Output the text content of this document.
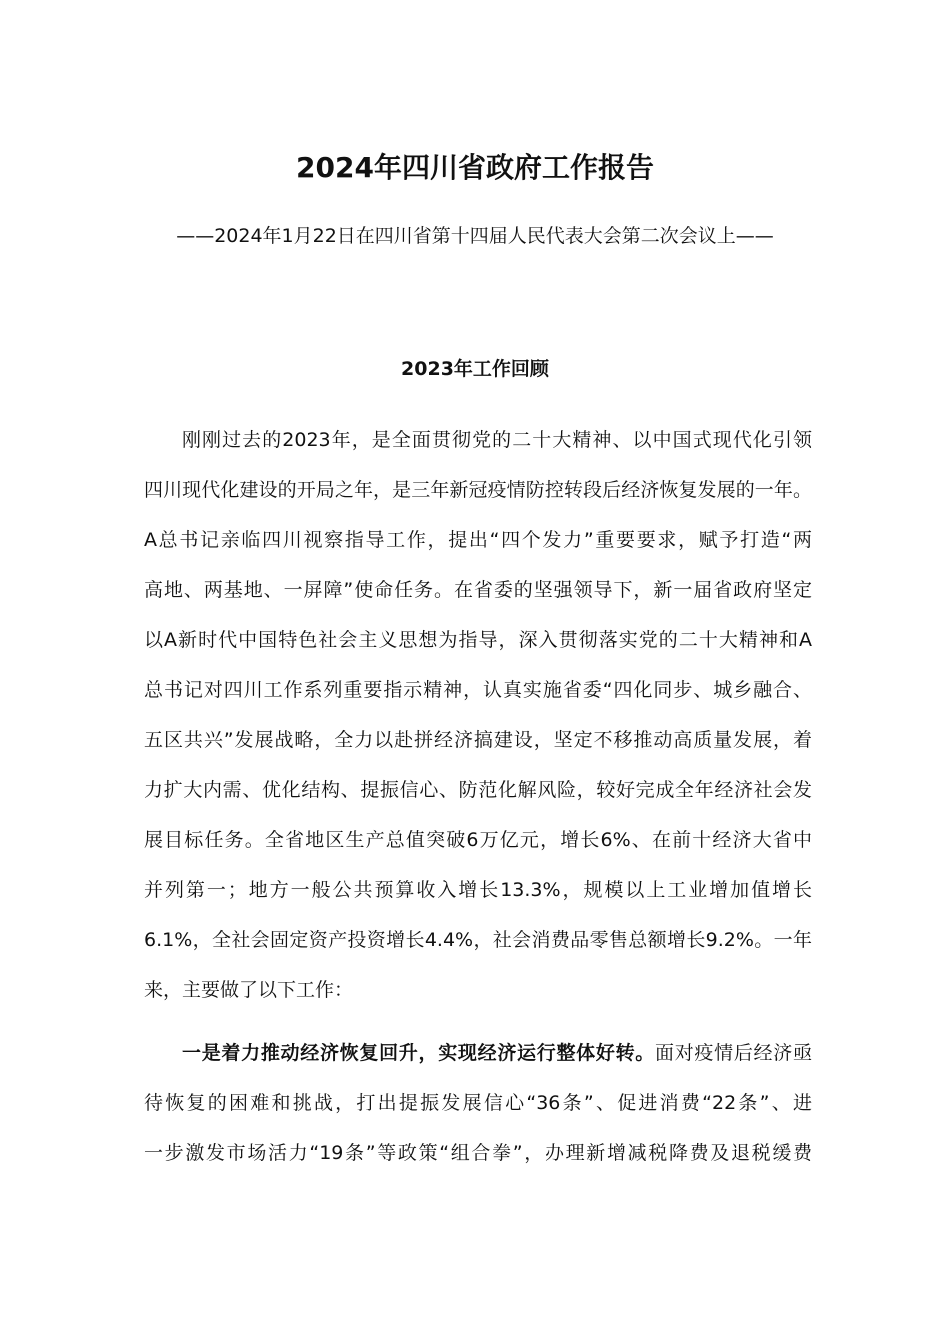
2024年四川省政府工作报告
——2024年1月22日在四川省第十四届人民代表大会第二次会议上——
2023年工作回顾
刚刚过去的2023年，是全面贯彻党的二十大精神、以中国式现代化引领
四川现代化建设的开局之年，是三年新冠疫情防控转段后经济恢复发展的一年。
A总书记亲临四川视察指导工作，提出“四个发力”重要要求，赋予打造“两
高地、两基地、一屏障”使命任务。在省委的坚强领导下，新一届省政府坚定
以A新时代中国特色社会主义思想为指导，深入贯彻落实党的二十大精神和A
总书记对四川工作系列重要指示精神，认真实施省委“四化同步、城乡融合、
五区共兴”发展战略，全力以赴拼经济搞建设，坚定不移推动高质量发展，着
力扩大内需、优化结构、提振信心、防范化解风险，较好完成全年经济社会发
展目标任务。全省地区生产总值突破6万亿元，增长6%、在前十经济大省中
并列第一；地方一般公共预算收入增长13.3%，规模以上工业增加值增长
6.1%，全社会固定资产投资增长4.4%，社会消费品零售总额增长9.2%。一年
来，主要做了以下工作：
一是着力推动经济恢复回升，实现经济运行整体好转。面对疫情后经济亟
待恢复的困难和挑战，打出提振发展信心“36条”、促进消费“22条”、进
一步激发市场活力“19条”等政策“组合拳”，办理新增减税降费及退税缓费
